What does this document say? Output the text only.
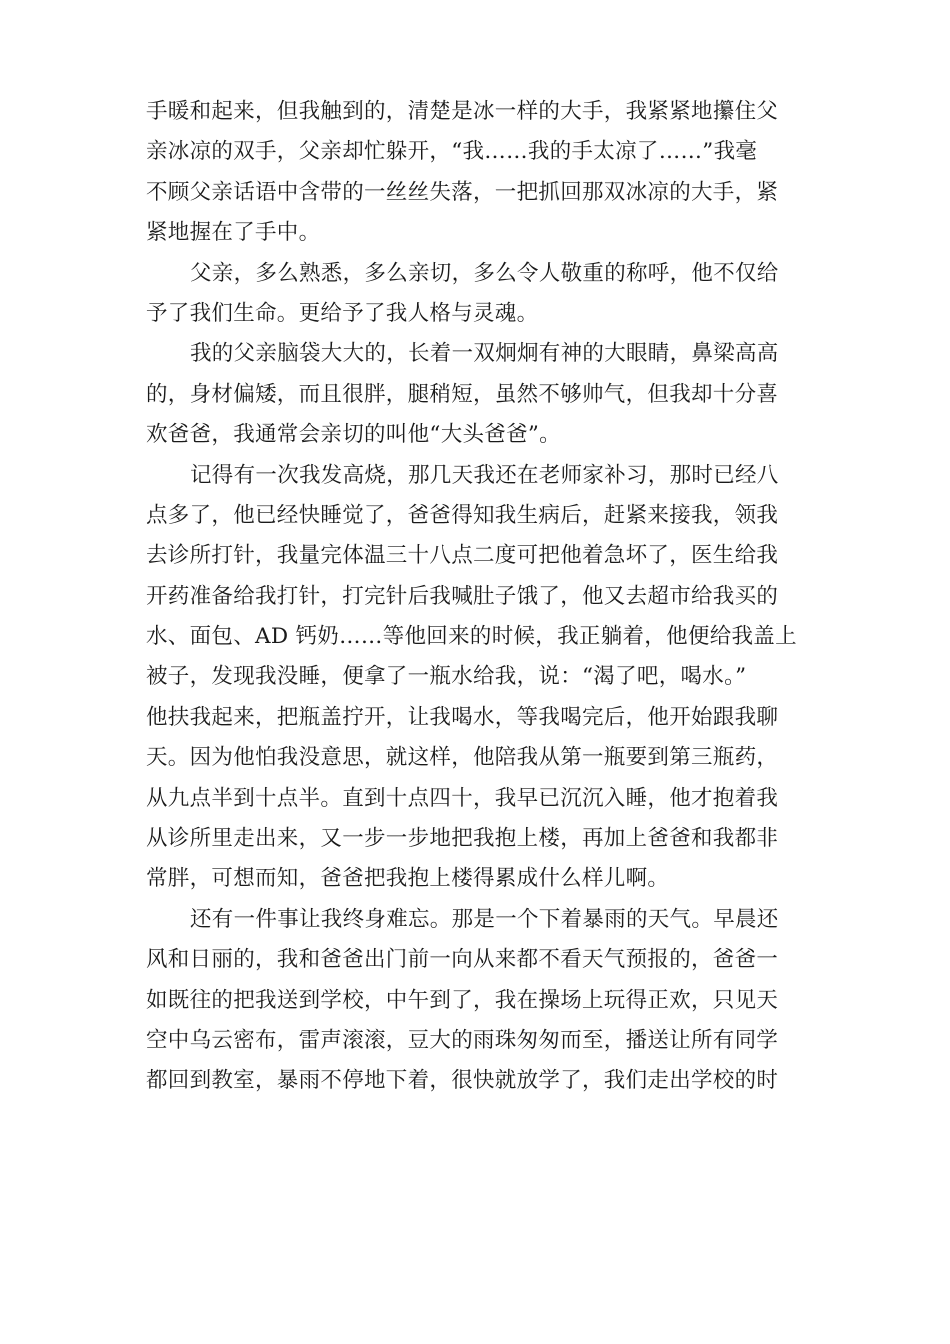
手暖和起来，但我触到的，清楚是冰一样的大手，我紧紧地攥住父
亲冰凉的双手，父亲却忙躲开，“我……我的手太凉了……”我毫
不顾父亲话语中含带的一丝丝失落，一把抓回那双冰凉的大手，紧
紧地握在了手中。
父亲，多么熟悉，多么亲切，多么令人敬重的称呼，他不仅给
予了我们生命。更给予了我人格与灵魂。
我的父亲脑袋大大的，长着一双炯炯有神的大眼睛，鼻梁高高
的，身材偏矮，而且很胖，腿稍短，虽然不够帅气，但我却十分喜
欢爸爸，我通常会亲切的叫他“大头爸爸”。
记得有一次我发高烧，那几天我还在老师家补习，那时已经八
点多了，他已经快睡觉了，爸爸得知我生病后，赶紧来接我，领我
去诊所打针，我量完体温三十八点二度可把他着急坏了，医生给我
开药准备给我打针，打完针后我喊肚子饿了，他又去超市给我买的
水、面包、AD 钙奶……等他回来的时候，我正躺着，他便给我盖上
被子，发现我没睡，便拿了一瓶水给我，说：“渴了吧，喝水。”
他扶我起来，把瓶盖拧开，让我喝水，等我喝完后，他开始跟我聊
天。因为他怕我没意思，就这样，他陪我从第一瓶要到第三瓶药，
从九点半到十点半。直到十点四十，我早已沉沉入睡，他才抱着我
从诊所里走出来，又一步一步地把我抱上楼，再加上爸爸和我都非
常胖，可想而知，爸爸把我抱上楼得累成什么样儿啊。
还有一件事让我终身难忘。那是一个下着暴雨的天气。早晨还
风和日丽的，我和爸爸出门前一向从来都不看天气预报的，爸爸一
如既往的把我送到学校，中午到了，我在操场上玩得正欢，只见天
空中乌云密布，雷声滚滚，豆大的雨珠匆匆而至，播送让所有同学
都回到教室，暴雨不停地下着，很快就放学了，我们走出学校的时
